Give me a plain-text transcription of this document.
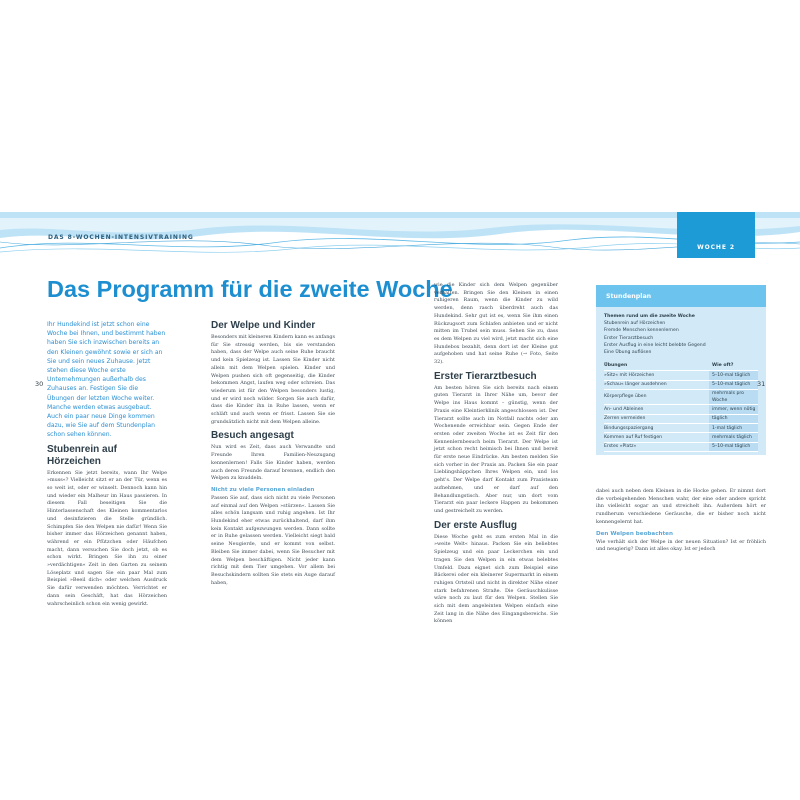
DAS 8-WOCHEN-INTENSIVTRAINING
WOCHE 2
Das Programm für die zweite Woche

Ihr Hundekind ist jetzt schon eine Woche bei Ihnen, und bestimmt haben haben Sie sich inzwischen bereits an den Kleinen gewöhnt sowie er sich an Sie und sein neues Zuhause. Jetzt stehen diese Woche erste Unternehmungen außerhalb des Zuhauses an. Festigen Sie die Übungen der letzten Woche weiter. Manche werden etwas ausgebaut. Auch ein paar neue Dinge kommen dazu, wie Sie auf dem Stundenplan schon sehen können.

Stubenrein auf Hörzeichen

Erkennen Sie jetzt bereits, wann Ihr Welpe »muss«? Vielleicht sitzt er an der Tür, wenn es so weit ist, oder er winselt. Dennoch kann hin und wieder ein Malheur im Haus passieren. In diesem Fall beseitigen Sie die Hinterlassenschaft des Kleinen kommentarlos und desinfizieren die Stelle gründlich. Schimpfen Sie den Welpen nie dafür! Wenn Sie bisher immer das Hörzeichen genannt haben, während er ein Pfützchen oder Häufchen macht, dann versuchen Sie doch jetzt, ob es schon wirkt. Bringen Sie ihn zu einer »verdächtigen« Zeit in den Garten zu seinem Löseplatz und sagen Sie ein paar Mal zum Beispiel »Beeil dich« oder welchen Ausdruck Sie dafür verwenden möchten. Verrichtet er dann sein Geschäft, hat das Hörzeichen wahrscheinlich schon ein wenig gewirkt.

Der Welpe und Kinder

Besonders mit kleineren Kindern kann es anfangs für Sie stressig werden, bis sie verstanden haben, dass der Welpe auch seine Ruhe braucht und kein Spielzeug ist. Lassen Sie Kinder nicht allein mit dem Welpen spielen. Kinder und Welpen pushen sich oft gegenseitig, die Kinder bekommen Angst, laufen weg oder schreien. Das wiederum ist für den Welpen besonders lustig, und er wird noch wilder. Sorgen Sie auch dafür, dass die Kinder ihn in Ruhe lassen, wenn er schläft und auch wenn er frisst. Lassen Sie sie grundsätzlich nicht mit dem Welpen alleine.

Besuch angesagt

Nun wird es Zeit, dass auch Verwandte und Freunde Ihren Familien-Neuzugang kennenlernen! Falls Sie Kinder haben, werden auch deren Freunde darauf brennen, endlich den Welpen zu knuddeln.

Nicht zu viele Personen einladen

Passen Sie auf, dass sich nicht zu viele Personen auf einmal auf den Welpen »stürzen«. Lassen Sie alles schön langsam und ruhig angehen. Ist Ihr Hundekind eher etwas zurückhaltend, darf ihm kein Kontakt aufgezwungen werden. Dann sollte er in Ruhe gelassen werden. Vielleicht siegt bald seine Neugierde, und er kommt von selbst. Bleiben Sie immer dabei, wenn Sie Besucher mit dem Welpen beschäftigen. Nicht jeder kann richtig mit dem Tier umgehen. Vor allem bei Besuchskindern sollten Sie stets ein Auge darauf haben,

wie die Kinder sich dem Welpen gegenüber verhalten. Bringen Sie den Kleinen in einen ruhigeren Raum, wenn die Kinder zu wild werden, denn rasch überdreht auch das Hundekind. Sehr gut ist es, wenn Sie ihm einen Rückzugsort zum Schlafen anbieten und er nicht mitten im Trubel sein muss. Sehen Sie zu, dass es dem Welpen zu viel wird, jetzt macht sich eine Hundebox bezahlt, denn dort ist der Kleine gut aufgehoben und hat seine Ruhe (→ Foto, Seite 32).

Erster Tierarztbesuch

Am besten hören Sie sich bereits nach einem guten Tierarzt in Ihrer Nähe um, bevor der Welpe ins Haus kommt – günstig, wenn der Praxis eine Kleintierklinik angeschlossen ist. Der Tierarzt sollte auch im Notfall nachts oder am Wochenende erreichbar sein. Gegen Ende der ersten oder zweiten Woche ist es Zeit für den Kennenlernbesuch beim Tierarzt. Der Welpe ist jetzt schon recht heimisch bei Ihnen und bereit für erste neue Eindrücke. Am besten melden Sie sich vorher in der Praxis an. Packen Sie ein paar Lieblingshäppchen Ihres Welpen ein, und los geht's. Der Welpe darf Kontakt zum Praxisteam aufnehmen, und er darf auf den Behandlungstisch. Aber nur, um dort vom Tierarzt ein paar leckere Happen zu bekommen und gestreichelt zu werden.

Der erste Ausflug

Diese Woche geht es zum ersten Mal in die »weite Welt« hinaus. Packen Sie ein beliebtes Spielzeug und ein paar Leckerchen ein und tragen Sie den Welpen in ein etwas belebtes Umfeld. Dazu eignet sich zum Beispiel eine Bäckerei oder ein kleinerer Supermarkt in einem ruhigen Ortsteil und nicht in direkter Nähe einer stark befahrenen Straße. Die Geräuschkulisse wäre noch zu laut für den Welpen. Stellen Sie sich mit dem angeleinten Welpen einfach eine Zeit lang in die Nähe des Eingangsbereichs. Sie können

dabei auch neben dem Kleinen in die Hocke gehen. Er nimmt dort die vorbeigehenden Menschen wahr, der eine oder andere spricht ihn vielleicht sogar an und streichelt ihn. Außerdem hört er rundherum verschiedene Geräusche, die er bisher noch nicht kennengelernt hat.

Den Welpen beobachten

Wie verhält sich der Welpe in der neuen Situation? Ist er fröhlich und neugierig? Dann ist alles okay. Ist er jedoch

Stundenplan
Themen rund um die zweite Woche
Stubenrein auf Hörzeichen
Fremde Menschen kennenlernen
Erster Tierarztbesuch
Erster Ausflug in eine leicht belebte Gegend
Eine Übung auflösen
Übungen	Wie oft?
»Sitz« mit Hörzeichen	5–10-mal täglich
»Schau« länger ausdehnen	5–10-mal täglich
Körperpflege üben	mehrmals pro Woche
An- und Ableinen	immer, wenn nötig
Zerren vermeiden	täglich
Bindungsspaziergang	1-mal täglich
Kommen auf Ruf festigen	mehrmals täglich
Erstes »Platz«	5–10-mal täglich
30	31
